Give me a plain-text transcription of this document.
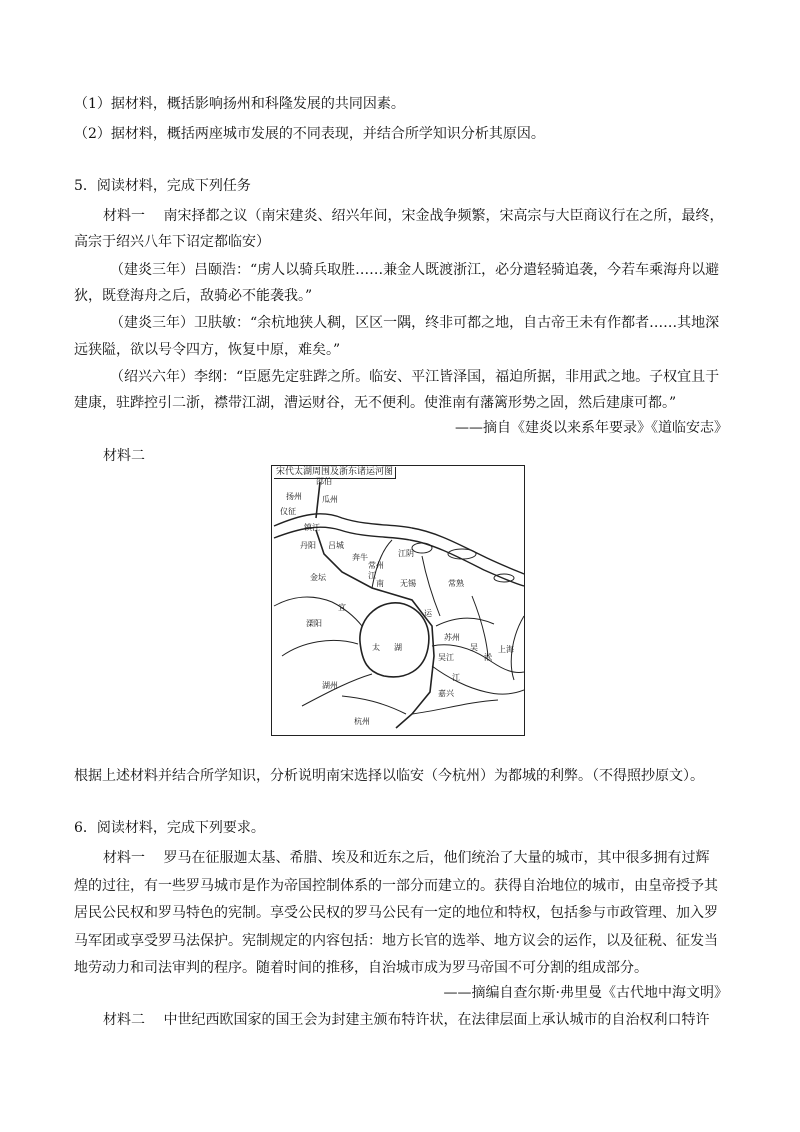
（1）据材料，概括影响扬州和科隆发展的共同因素。
（2）据材料，概括两座城市发展的不同表现，并结合所学知识分析其原因。
5．阅读材料，完成下列任务
材料一　 南宋择都之议（南宋建炎、绍兴年间，宋金战争频繁，宋高宗与大臣商议行在之所，最终，
高宗于绍兴八年下诏定都临安）
（建炎三年）吕颐浩：“虏人以骑兵取胜……兼金人既渡浙江，必分遣轻骑追袭，今若车乘海舟以避
狄，既登海舟之后，敌骑必不能袭我。”
（建炎三年）卫肤敏：“余杭地狭人稠，区区一隅，终非可都之地，自古帝王未有作都者……其地深
远狭隘，欲以号令四方，恢复中原，难矣。”
（绍兴六年）李纲：“臣愿先定驻跸之所。临安、平江皆泽国，福迫所据，非用武之地。子权宜且于
建康，驻跸控引二浙，襟带江湖，漕运财谷，无不便利。使淮南有藩篱形势之固，然后建康可都。”
——摘自《建炎以来系年要录》《道临安志》
材料二
宋代太湖周围及浙东诸运河图
邵伯
扬州	瓜州
仪征
镇江
丹阳 吕城
奔牛
常州
江阴
金坛
无锡	常熟
溧阳
宜
太 湖
苏州
吴
淞
上海
吴江
嘉兴
湖州
杭州
运
江
南
江
根据上述材料并结合所学知识，分析说明南宋选择以临安（今杭州）为都城的利弊。（不得照抄原文）。
6．阅读材料，完成下列要求。
材料一　 罗马在征服迦太基、希腊、埃及和近东之后，他们统治了大量的城市，其中很多拥有过辉
煌的过往，有一些罗马城市是作为帝国控制体系的一部分而建立的。获得自治地位的城市，由皇帝授予其
居民公民权和罗马特色的宪制。享受公民权的罗马公民有一定的地位和特权，包括参与市政管理、加入罗
马军团或享受罗马法保护。宪制规定的内容包括：地方长官的选举、地方议会的运作，以及征税、征发当
地劳动力和司法审判的程序。随着时间的推移，自治城市成为罗马帝国不可分割的组成部分。
——摘编自查尔斯·弗里曼《古代地中海文明》
材料二　 中世纪西欧国家的国王会为封建主颁布特许状，在法律层面上承认城市的自治权利口特许
